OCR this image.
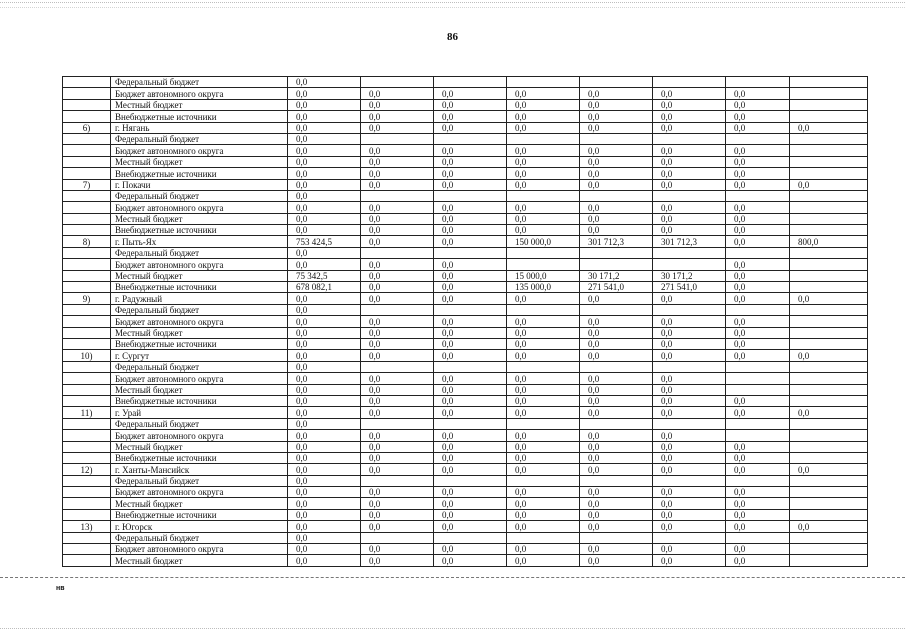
86
	Федеральный бюджет	0,0							
	Бюджет автономного округа	0,0	0,0	0,0	0,0	0,0	0,0	0,0	
	Местный бюджет	0,0	0,0	0,0	0,0	0,0	0,0	0,0	
	Внебюджетные источники	0,0	0,0	0,0	0,0	0,0	0,0	0,0	
6)	г. Нягань	0,0	0,0	0,0	0,0	0,0	0,0	0,0	0,0
	Федеральный бюджет	0,0							
	Бюджет автономного округа	0,0	0,0	0,0	0,0	0,0	0,0	0,0	
	Местный бюджет	0,0	0,0	0,0	0,0	0,0	0,0	0,0	
	Внебюджетные источники	0,0	0,0	0,0	0,0	0,0	0,0	0,0	
7)	г. Покачи	0,0	0,0	0,0	0,0	0,0	0,0	0,0	0,0
	Федеральный бюджет	0,0							
	Бюджет автономного округа	0,0	0,0	0,0	0,0	0,0	0,0	0,0	
	Местный бюджет	0,0	0,0	0,0	0,0	0,0	0,0	0,0	
	Внебюджетные источники	0,0	0,0	0,0	0,0	0,0	0,0	0,0	
8)	г. Пыть-Ях	753 424,5	0,0	0,0	150 000,0	301 712,3	301 712,3	0,0	800,0
	Федеральный бюджет	0,0							
	Бюджет автономного округа	0,0	0,0	0,0				0,0	
	Местный бюджет	75 342,5	0,0	0,0	15 000,0	30 171,2	30 171,2	0,0	
	Внебюджетные источники	678 082,1	0,0	0,0	135 000,0	271 541,0	271 541,0	0,0	
9)	г. Радужный	0,0	0,0	0,0	0,0	0,0	0,0	0,0	0,0
	Федеральный бюджет	0,0							
	Бюджет автономного округа	0,0	0,0	0,0	0,0	0,0	0,0	0,0	
	Местный бюджет	0,0	0,0	0,0	0,0	0,0	0,0	0,0	
	Внебюджетные источники	0,0	0,0	0,0	0,0	0,0	0,0	0,0	
10)	г. Сургут	0,0	0,0	0,0	0,0	0,0	0,0	0,0	0,0
	Федеральный бюджет	0,0							
	Бюджет автономного округа	0,0	0,0	0,0	0,0	0,0	0,0		
	Местный бюджет	0,0	0,0	0,0	0,0	0,0	0,0		
	Внебюджетные источники	0,0	0,0	0,0	0,0	0,0	0,0	0,0	
11)	г. Урай	0,0	0,0	0,0	0,0	0,0	0,0	0,0	0,0
	Федеральный бюджет	0,0							
	Бюджет автономного округа	0,0	0,0	0,0	0,0	0,0	0,0		
	Местный бюджет	0,0	0,0	0,0	0,0	0,0	0,0	0,0	
	Внебюджетные источники	0,0	0,0	0,0	0,0	0,0	0,0	0,0	
12)	г. Ханты-Мансийск	0,0	0,0	0,0	0,0	0,0	0,0	0,0	0,0
	Федеральный бюджет	0,0							
	Бюджет автономного округа	0,0	0,0	0,0	0,0	0,0	0,0	0,0	
	Местный бюджет	0,0	0,0	0,0	0,0	0,0	0,0	0,0	
	Внебюджетные источники	0,0	0,0	0,0	0,0	0,0	0,0	0,0	
13)	г. Югорск	0,0	0,0	0,0	0,0	0,0	0,0	0,0	0,0
	Федеральный бюджет	0,0							
	Бюджет автономного округа	0,0	0,0	0,0	0,0	0,0	0,0	0,0	
	Местный бюджет	0,0	0,0	0,0	0,0	0,0	0,0	0,0	
нв
